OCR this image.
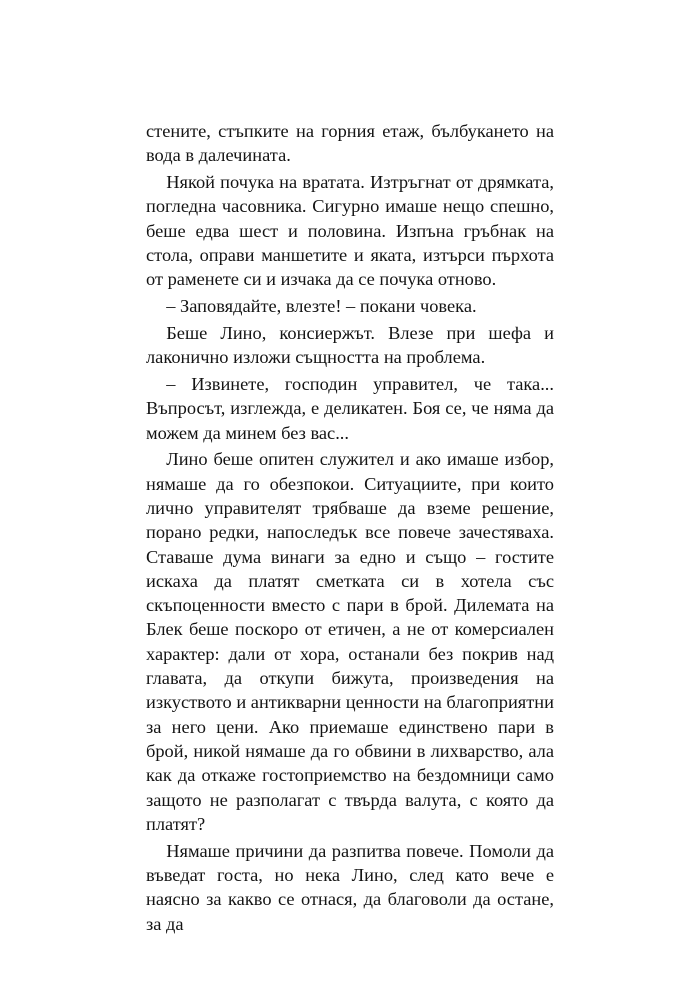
стените, стъпките на горния етаж, бълбукането на вода в далечината.

Някой почука на вратата. Изтръгнат от дрямката, погледна часовника. Сигурно имаше нещо спешно, беше едва шест и половина. Изпъна гръбнак на стола, оправи маншетите и яката, изтърси пърхота от раменете си и изчака да се почука отново.

– Заповядайте, влезте! – покани човека.

Беше Лино, консиержът. Влезе при шефа и лаконично изложи същността на проблема.

– Извинете, господин управител, че така... Въпросът, изглежда, е деликатен. Боя се, че няма да можем да минем без вас...

Лино беше опитен служител и ако имаше избор, нямаше да го обезпокои. Ситуациите, при които лично управителят трябваше да вземе решение, порано редки, напоследък все повече зачестяваха. Ставаше дума винаги за едно и също – гостите искаха да платят сметката си в хотела със скъпоценности вместо с пари в брой. Дилемата на Блек беше поскоро от етичен, а не от комерсиален характер: дали от хора, останали без покрив над главата, да откупи бижута, произведения на изкуството и антикварни ценности на благоприятни за него цени. Ако приемаше единствено пари в брой, никой нямаше да го обвини в лихварство, ала как да откаже гостоприемство на бездомници само защото не разполагат с твърда валута, с която да платят?

Нямаше причини да разпитва повече. Помоли да въведат госта, но нека Лино, след като вече е наясно за какво се отнася, да благоволи да остане, за да
